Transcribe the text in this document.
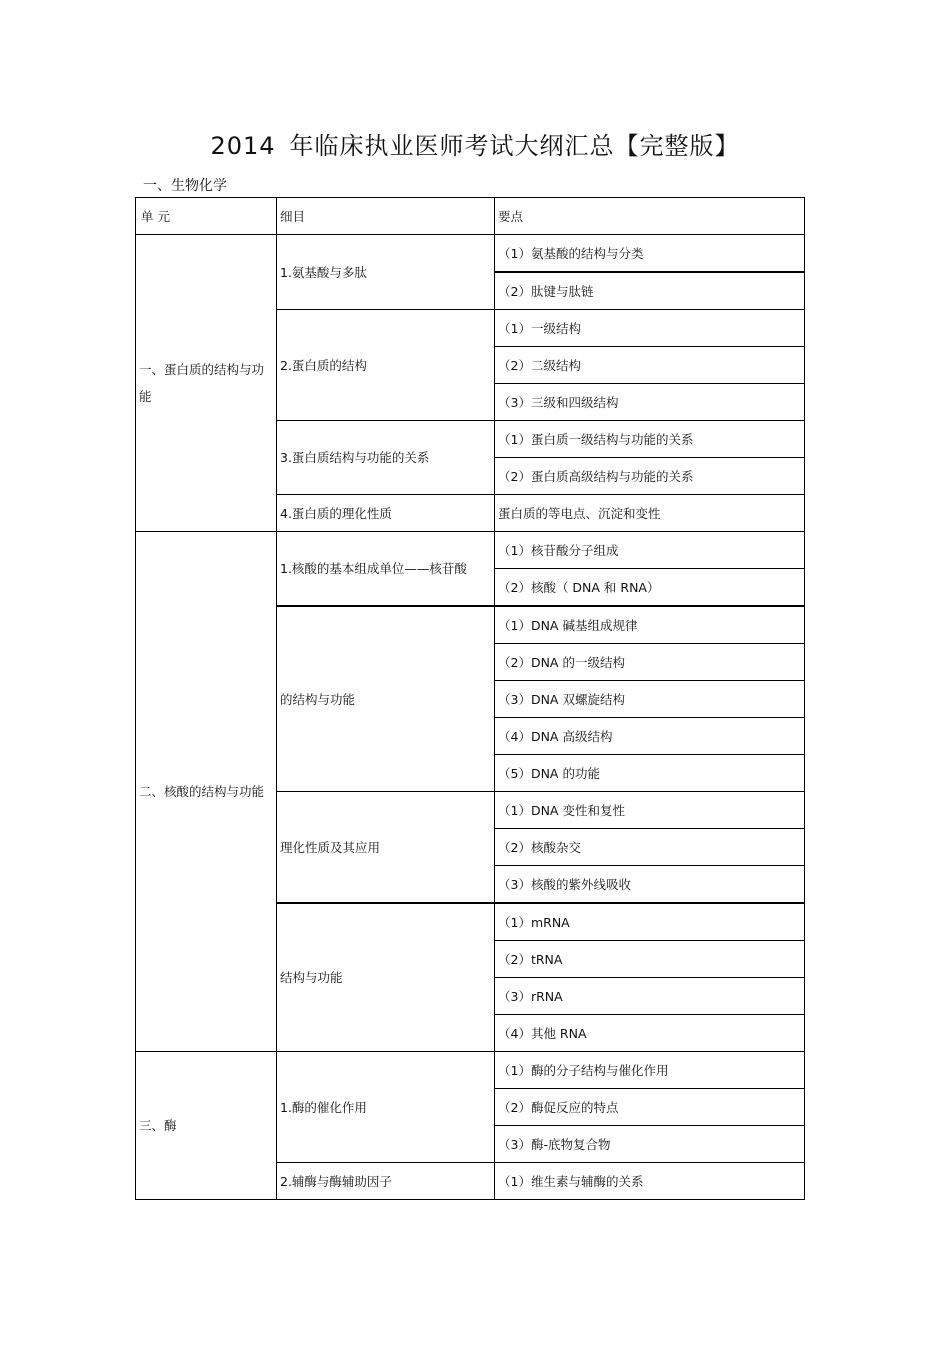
2014 年临床执业医师考试大纲汇总【完整版】
一、生物化学
单 元	细目	要点
一、蛋白质的结构与功能	1.氨基酸与多肽	（1）氨基酸的结构与分类
		（2）肽键与肽链
	2.蛋白质的结构	（1）一级结构
		（2）二级结构
		（3）三级和四级结构
	3.蛋白质结构与功能的关系	（1）蛋白质一级结构与功能的关系
		（2）蛋白质高级结构与功能的关系
	4.蛋白质的理化性质	蛋白质的等电点、沉淀和变性
二、核酸的结构与功能	1.核酸的基本组成单位——核苷酸	（1）核苷酸分子组成
		（2）核酸（ DNA 和 RNA）
	的结构与功能	（1）DNA 碱基组成规律
		（2）DNA 的一级结构
		（3）DNA 双螺旋结构
		（4）DNA 高级结构
		（5）DNA 的功能
	理化性质及其应用	（1）DNA 变性和复性
		（2）核酸杂交
		（3）核酸的紫外线吸收
	结构与功能	（1）mRNA
		（2）tRNA
		（3）rRNA
		（4）其他 RNA
三、酶	1.酶的催化作用	（1）酶的分子结构与催化作用
		（2）酶促反应的特点
		（3）酶-底物复合物
	2.辅酶与酶辅助因子	（1）维生素与辅酶的关系
